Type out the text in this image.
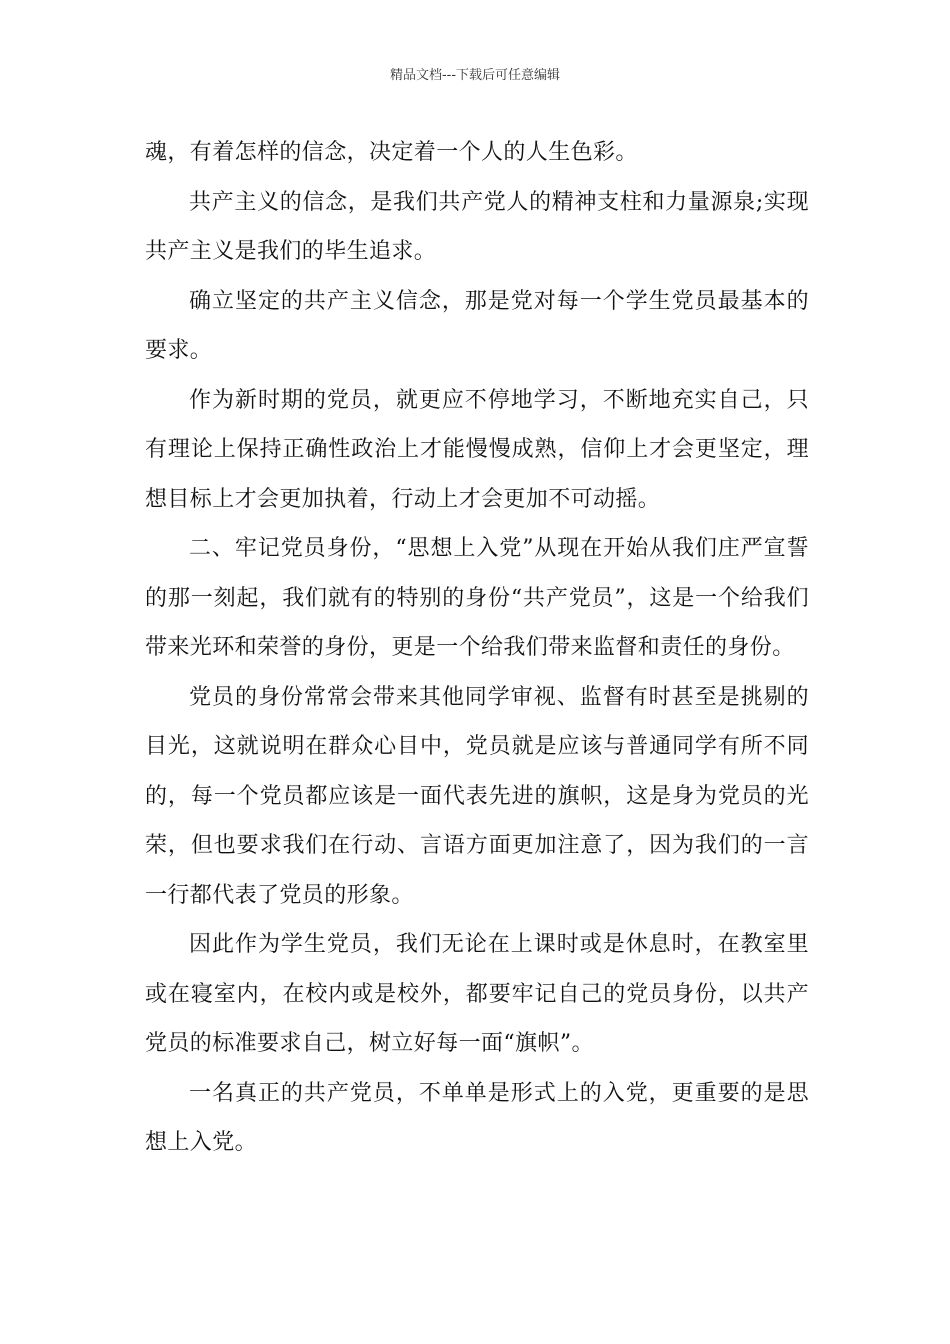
精品文档---下载后可任意编辑

魂，有着怎样的信念，决定着一个人的人生色彩。

共产主义的信念，是我们共产党人的精神支柱和力量源泉;实现共产主义是我们的毕生追求。

确立坚定的共产主义信念，那是党对每一个学生党员最基本的要求。

作为新时期的党员，就更应不停地学习，不断地充实自己，只有理论上保持正确性政治上才能慢慢成熟，信仰上才会更坚定，理想目标上才会更加执着，行动上才会更加不可动摇。

二、牢记党员身份，“思想上入党”从现在开始从我们庄严宣誓的那一刻起，我们就有的特别的身份“共产党员”，这是一个给我们带来光环和荣誉的身份，更是一个给我们带来监督和责任的身份。

党员的身份常常会带来其他同学审视、监督有时甚至是挑剔的目光，这就说明在群众心目中，党员就是应该与普通同学有所不同的，每一个党员都应该是一面代表先进的旗帜，这是身为党员的光荣，但也要求我们在行动、言语方面更加注意了，因为我们的一言一行都代表了党员的形象。

因此作为学生党员，我们无论在上课时或是休息时，在教室里或在寝室内，在校内或是校外，都要牢记自己的党员身份，以共产党员的标准要求自己，树立好每一面“旗帜”。

一名真正的共产党员，不单单是形式上的入党，更重要的是思想上入党。
